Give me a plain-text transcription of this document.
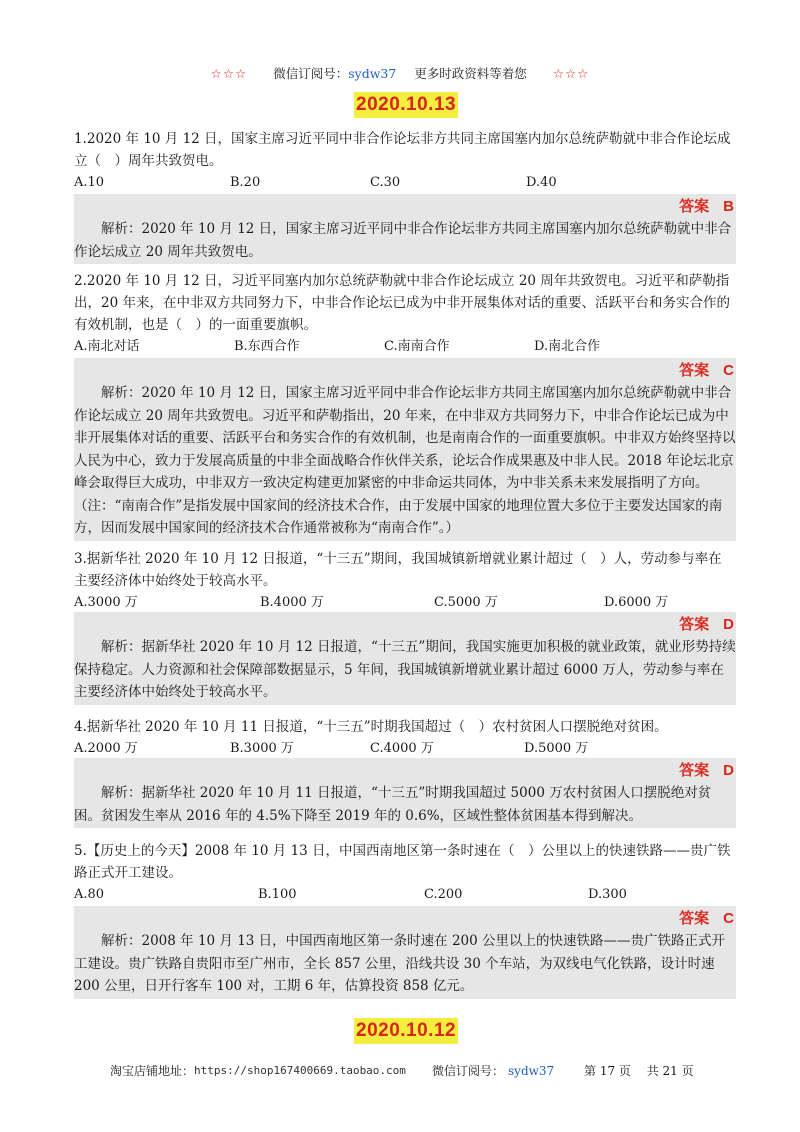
☆☆☆ 微信订阅号：sydw37 更多时政资料等着您 ☆☆☆
2020.10.13

1.2020 年 10 月 12 日，国家主席习近平同中非合作论坛非方共同主席国塞内加尔总统萨勒就中非合作论坛成立（　）周年共致贺电。

A.10	B.20	C.30	D.40
答案 B

解析：2020 年 10 月 12 日，国家主席习近平同中非合作论坛非方共同主席国塞内加尔总统萨勒就中非合作论坛成立 20 周年共致贺电。

2.2020 年 10 月 12 日，习近平同塞内加尔总统萨勒就中非合作论坛成立 20 周年共致贺电。习近平和萨勒指出，20 年来，在中非双方共同努力下，中非合作论坛已成为中非开展集体对话的重要、活跃平台和务实合作的有效机制，也是（　）的一面重要旗帜。

A.南北对话	B.东西合作	C.南南合作	D.南北合作
答案 C

解析：2020 年 10 月 12 日，国家主席习近平同中非合作论坛非方共同主席国塞内加尔总统萨勒就中非合作论坛成立 20 周年共致贺电。习近平和萨勒指出，20 年来，在中非双方共同努力下，中非合作论坛已成为中非开展集体对话的重要、活跃平台和务实合作的有效机制，也是南南合作的一面重要旗帜。中非双方始终坚持以人民为中心，致力于发展高质量的中非全面战略合作伙伴关系，论坛合作成果惠及中非人民。2018 年论坛北京峰会取得巨大成功，中非双方一致决定构建更加紧密的中非命运共同体，为中非关系未来发展指明了方向。（注：“南南合作”是指发展中国家间的经济技术合作，由于发展中国家的地理位置大多位于主要发达国家的南方，因而发展中国家间的经济技术合作通常被称为“南南合作”。）

3.据新华社 2020 年 10 月 12 日报道，“十三五”期间，我国城镇新增就业累计超过（　）人，劳动参与率在主要经济体中始终处于较高水平。

A.3000 万	B.4000 万	C.5000 万	D.6000 万
答案 D

解析：据新华社 2020 年 10 月 12 日报道，“十三五”期间，我国实施更加积极的就业政策，就业形势持续保持稳定。人力资源和社会保障部数据显示，5 年间，我国城镇新增就业累计超过 6000 万人，劳动参与率在主要经济体中始终处于较高水平。

4.据新华社 2020 年 10 月 11 日报道，“十三五”时期我国超过（　）农村贫困人口摆脱绝对贫困。

A.2000 万	B.3000 万	C.4000 万	D.5000 万
答案 D

解析：据新华社 2020 年 10 月 11 日报道，“十三五”时期我国超过 5000 万农村贫困人口摆脱绝对贫困。贫困发生率从 2016 年的 4.5%下降至 2019 年的 0.6%，区域性整体贫困基本得到解决。

5.【历史上的今天】2008 年 10 月 13 日，中国西南地区第一条时速在（　）公里以上的快速铁路——贵广铁路正式开工建设。

A.80	B.100	C.200	D.300
答案 C

解析：2008 年 10 月 13 日，中国西南地区第一条时速在 200 公里以上的快速铁路——贵广铁路正式开工建设。贵广铁路自贵阳市至广州市，全长 857 公里，沿线共设 30 个车站，为双线电气化铁路，设计时速 200 公里，日开行客车 100 对，工期 6 年，估算投资 858 亿元。

2020.10.12
淘宝店铺地址： https://shop167400669.taobao.com 微信订阅号： sydw37 第 17 页　 共 21 页
